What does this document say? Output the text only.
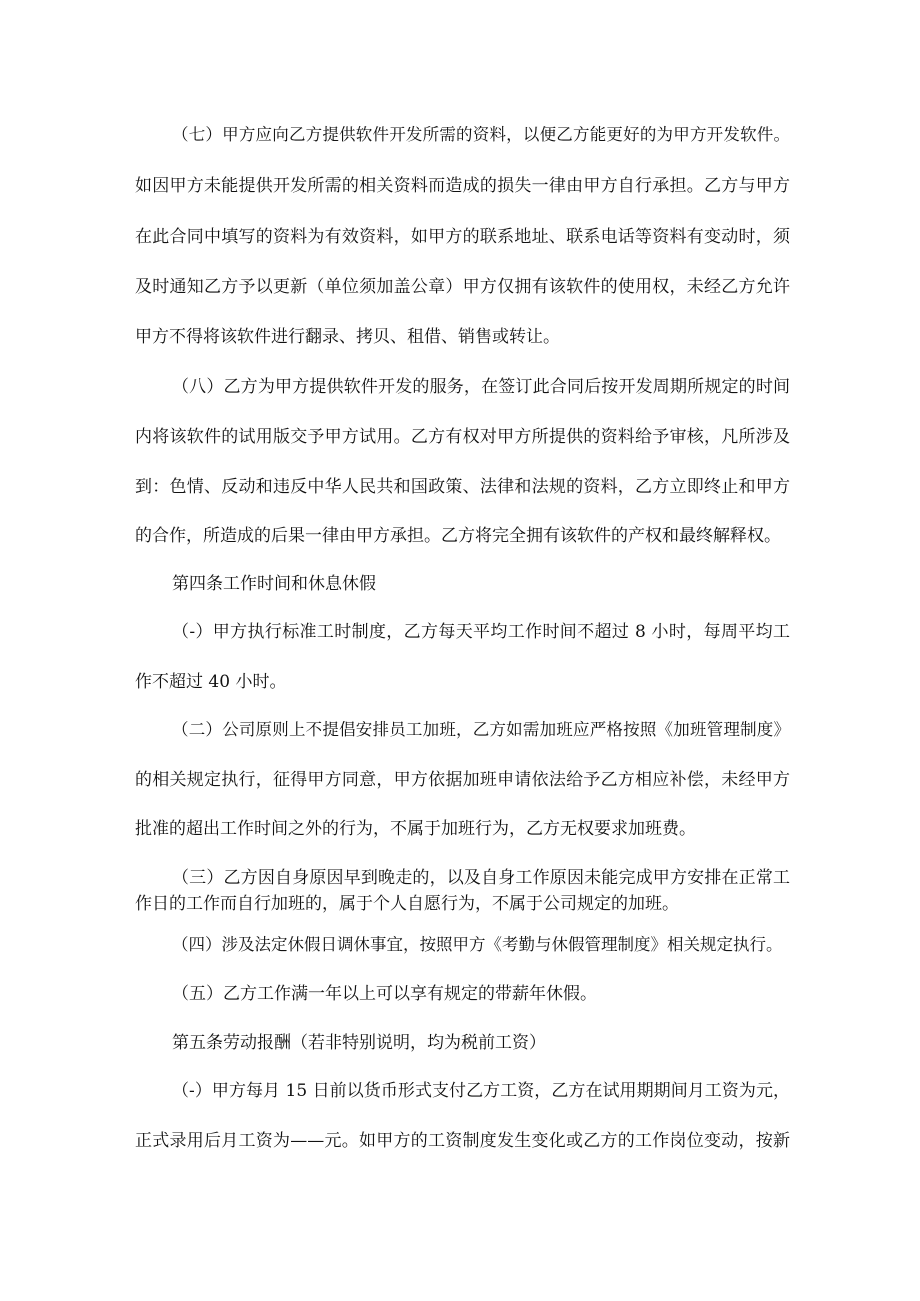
（七）甲方应向乙方提供软件开发所需的资料，以便乙方能更好的为甲方开发软件。
如因甲方未能提供开发所需的相关资料而造成的损失一律由甲方自行承担。乙方与甲方
在此合同中填写的资料为有效资料，如甲方的联系地址、联系电话等资料有变动时，须
及时通知乙方予以更新（单位须加盖公章）甲方仅拥有该软件的使用权，未经乙方允许
甲方不得将该软件进行翻录、拷贝、租借、销售或转让。
（八）乙方为甲方提供软件开发的服务，在签订此合同后按开发周期所规定的时间
内将该软件的试用版交予甲方试用。乙方有权对甲方所提供的资料给予审核，凡所涉及
到：色情、反动和违反中华人民共和国政策、法律和法规的资料，乙方立即终止和甲方
的合作，所造成的后果一律由甲方承担。乙方将完全拥有该软件的产权和最终解释权。
第四条工作时间和休息休假
（-）甲方执行标准工时制度，乙方每天平均工作时间不超过 8 小时，每周平均工
作不超过 40 小时。
（二）公司原则上不提倡安排员工加班，乙方如需加班应严格按照《加班管理制度》
的相关规定执行，征得甲方同意，甲方依据加班申请依法给予乙方相应补偿，未经甲方
批准的超出工作时间之外的行为，不属于加班行为，乙方无权要求加班费。
（三）乙方因自身原因早到晚走的，以及自身工作原因未能完成甲方安排在正常工
作日的工作而自行加班的，属于个人自愿行为，不属于公司规定的加班。
（四）涉及法定休假日调休事宜，按照甲方《考勤与休假管理制度》相关规定执行。
（五）乙方工作满一年以上可以享有规定的带薪年休假。
第五条劳动报酬（若非特别说明，均为税前工资）
（-）甲方每月 15 日前以货币形式支付乙方工资，乙方在试用期期间月工资为元，
正式录用后月工资为——元。如甲方的工资制度发生变化或乙方的工作岗位变动，按新
